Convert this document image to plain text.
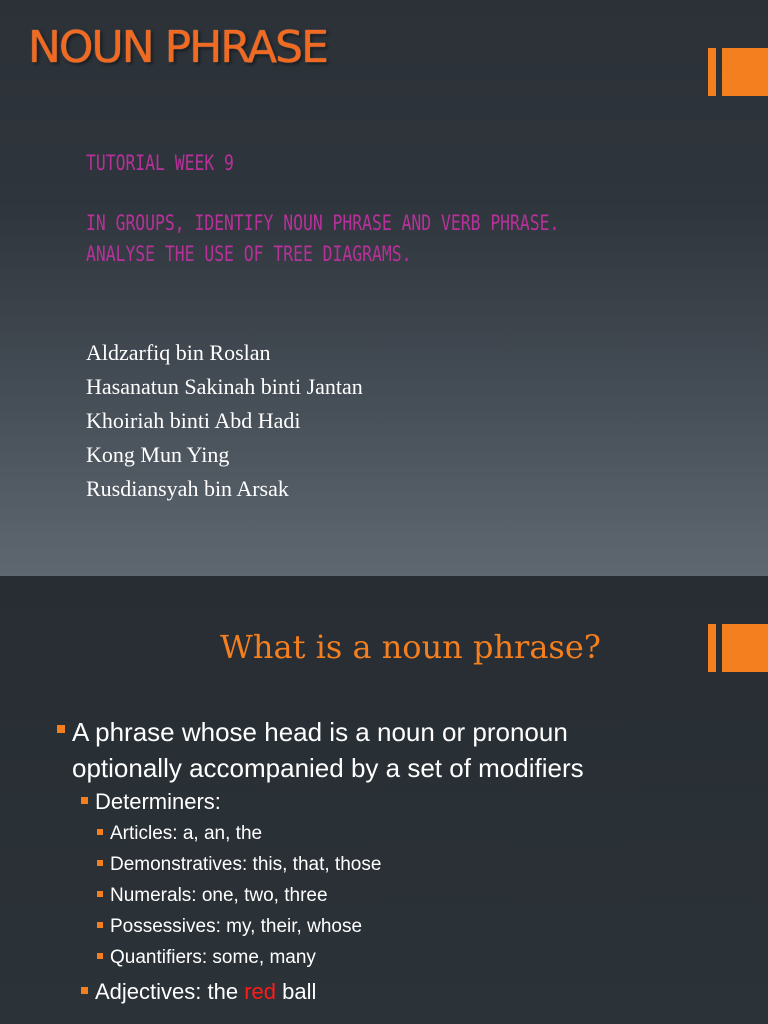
NOUN PHRASE

TUTORIAL WEEK 9

IN GROUPS, IDENTIFY NOUN PHRASE AND VERB PHRASE.
ANALYSE THE USE OF TREE DIAGRAMS.

Aldzarfiq bin Roslan
Hasanatun Sakinah binti Jantan
Khoiriah binti Abd Hadi
Kong Mun Ying
Rusdiansyah bin Arsak
What is a noun phrase?
A phrase whose head is a noun or pronoun
optionally accompanied by a set of modifiers
Determiners:
Articles: a, an, the
Demonstratives: this, that, those
Numerals: one, two, three
Possessives: my, their, whose
Quantifiers: some, many
Adjectives: the red ball
